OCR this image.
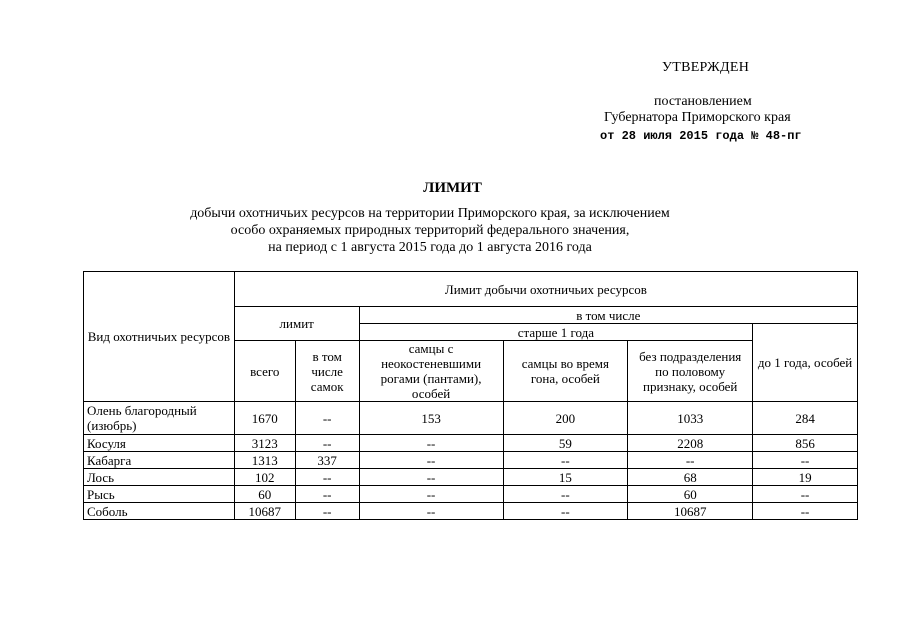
УТВЕРЖДЕН
постановлением
Губернатора Приморского края
от 28 июля 2015 года № 48-пг
ЛИМИТ
добычи охотничьих ресурсов на территории Приморского края, за исключением
особо охраняемых природных территорий федерального значения,
на период с 1 августа 2015 года до 1 августа 2016 года
Вид охотничьих ресурсов	Лимит добычи охотничьих ресурсов					
	лимит		в том числе			
			старше 1 года			до 1 года, особей
	всего	в том числе самок	самцы с неокостеневшими рогами (пантами), особей	самцы во время гона, особей	без подразделения по половому признаку, особей	
Олень благородный (изюбрь)	1670	--	153	200	1033	284
Косуля	3123	--	--	59	2208	856
Кабарга	1313	337	--	--	--	--
Лось	102	--	--	15	68	19
Рысь	60	--	--	--	60	--
Соболь	10687	--	--	--	10687	--
